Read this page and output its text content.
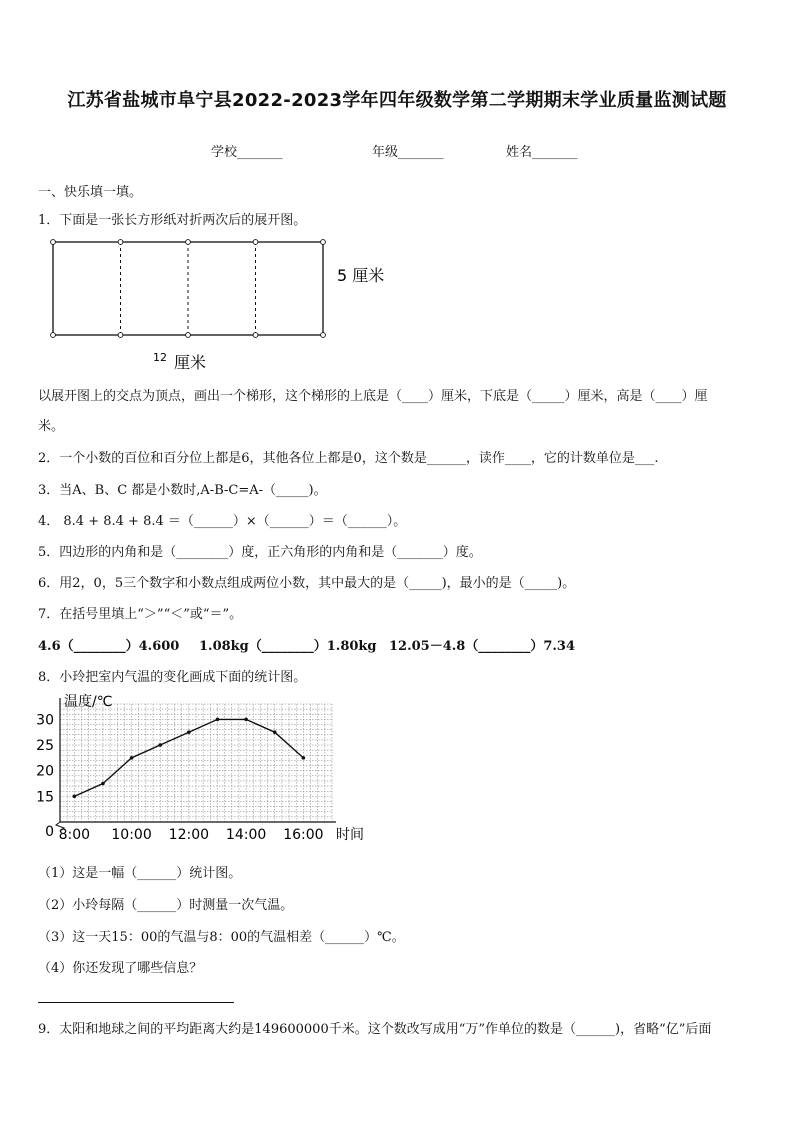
江苏省盐城市阜宁县2022-2023学年四年级数学第二学期期末学业质量监测试题
学校_______	年级_______	姓名_______
一、快乐填一填。
1．下面是一张长方形纸对折两次后的展开图。
5 厘米
12 厘米
以展开图上的交点为顶点，画出一个梯形，这个梯形的上底是（____）厘米，下底是（_____）厘米，高是（____）厘
米。
2．一个小数的百位和百分位上都是6，其他各位上都是0，这个数是______，读作____，它的计数单位是___.
3．当A、B、C 都是小数时,A-B-C=A-（_____)。
4． 8.4 + 8.4 + 8.4 ＝（______）×（______）＝（______）。
5．四边形的内角和是（________）度，正六角形的内角和是（_______）度。
6．用2，0，5三个数字和小数点组成两位小数，其中最大的是（_____)，最小的是（_____)。
7．在括号里填上“＞”“＜”或“＝”。
4.6（________）4.600 1.08kg（________）1.80kg 12.05－4.8（________）7.34
8．小玲把室内气温的变化画成下面的统计图。
0
15
20
25
30
8:00 10:00 12:00 14:00 16:00
温度/℃
时间
（1）这是一幅（______）统计图。
（2）小玲每隔（______）时测量一次气温。
（3）这一天15：00的气温与8：00的气温相差（______）℃。
（4）你还发现了哪些信息？
9．太阳和地球之间的平均距离大约是149600000千米。这个数改写成用“万”作单位的数是（______)，省略“亿”后面
